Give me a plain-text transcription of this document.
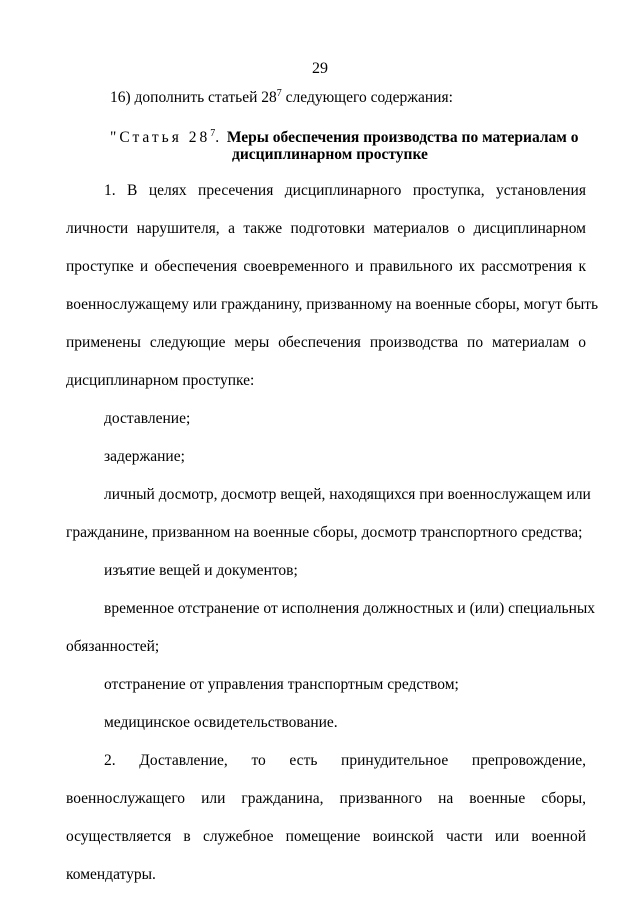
29
16) дополнить статьей $28^7$ следующего содержания:
"Статья $28^7$. Меры обеспечения производства по материалам о
дисциплинарном проступке
1. В целях пресечения дисциплинарного проступка, установления
личности нарушителя, а также подготовки материалов о дисциплинарном
проступке и обеспечения своевременного и правильного их рассмотрения к
военнослужащему или гражданину, призванному на военные сборы, могут быть
применены следующие меры обеспечения производства по материалам о
дисциплинарном проступке:
доставление;
задержание;
личный досмотр, досмотр вещей, находящихся при военнослужащем или
гражданине, призванном на военные сборы, досмотр транспортного средства;
изъятие вещей и документов;
временное отстранение от исполнения должностных и (или) специальных
обязанностей;
отстранение от управления транспортным средством;
медицинское освидетельствование.
2. Доставление, то есть принудительное препровождение,
военнослужащего или гражданина, призванного на военные сборы,
осуществляется в служебное помещение воинской части или военной
комендатуры.
